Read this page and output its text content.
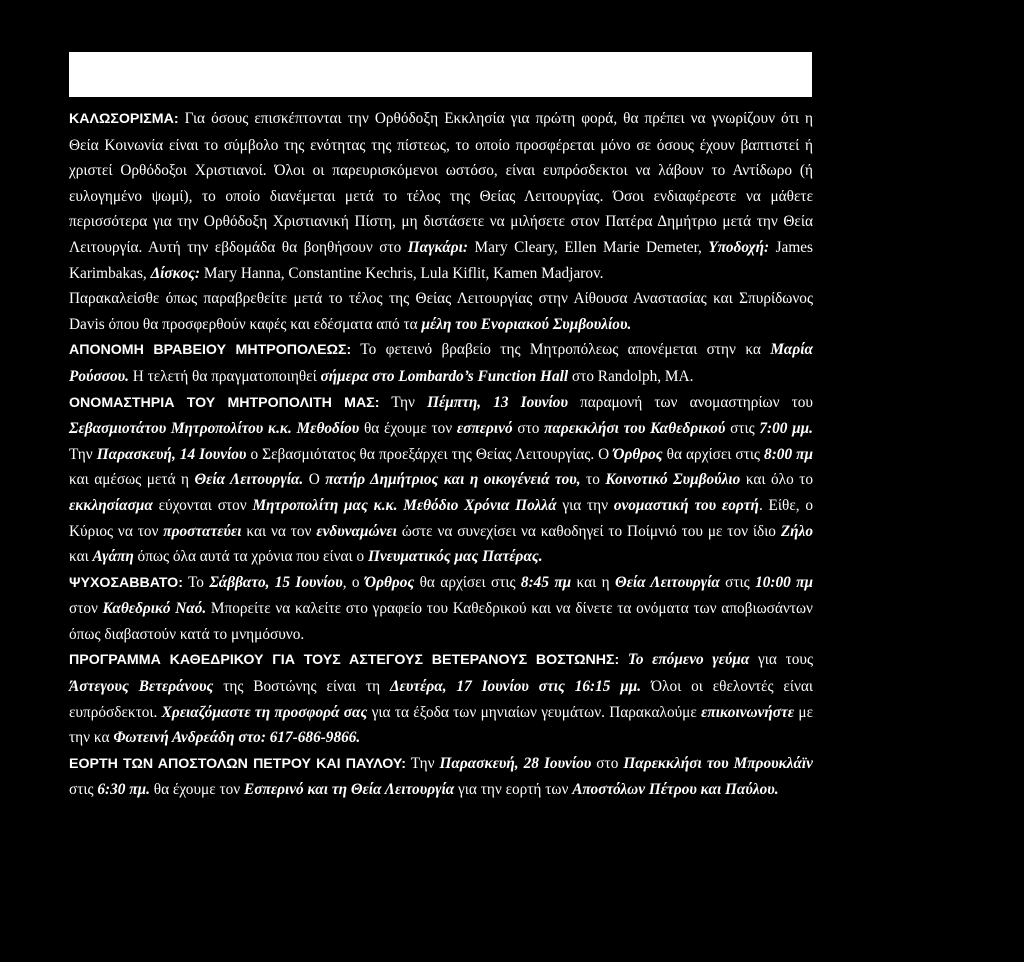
ΚΑΛΩΣΟΡΙΣΜΑ: Για όσους επισκέπτονται την Ορθόδοξη Εκκλησία για πρώτη φορά, θα πρέπει να γνωρίζουν ότι η Θεία Κοινωνία είναι το σύμβολο της ενότητας της πίστεως, το οποίο προσφέρεται μόνο σε όσους έχουν βαπτιστεί ή χριστεί Ορθόδοξοι Χριστιανοί. Όλοι οι παρευρισκόμενοι ωστόσο, είναι ευπρόσδεκτοι να λάβουν το Αντίδωρο (ή ευλογημένο ψωμί), το οποίο διανέμεται μετά το τέλος της Θείας Λειτουργίας. Όσοι ενδιαφέρεστε να μάθετε περισσότερα για την Ορθόδοξη Χριστιανική Πίστη, μη διστάσετε να μιλήσετε στον Πατέρα Δημήτριο μετά την Θεία Λειτουργία. Αυτή την εβδομάδα θα βοηθήσουν στο Παγκάρι: Mary Cleary, Ellen Marie Demeter, Υποδοχή: James Karimbakas, Δίσκος: Mary Hanna, Constantine Kechris, Lula Kiflit, Kamen Madjarov.

Παρακαλείσθε όπως παραβρεθείτε μετά το τέλος της Θείας Λειτουργίας στην Αίθουσα Αναστασίας και Σπυρίδωνος Davis όπου θα προσφερθούν καφές και εδέσματα από τα μέλη του Ενοριακού Συμβουλίου.

ΑΠΟΝΟΜΗ ΒΡΑΒΕΙΟΥ ΜΗΤΡΟΠΟΛΕΩΣ: Το φετεινό βραβείο της Μητροπόλεως απονέμεται στην κα Μαρία Ρούσσου. Η τελετή θα πραγματοποιηθεί σήμερα στο Lombardo’s Function Hall στο Randolph, MA.

ΟΝΟΜΑΣΤΗΡΙΑ ΤΟΥ ΜΗΤΡΟΠΟΛΙΤΗ ΜΑΣ: Την Πέμπτη, 13 Ιουνίου παραμονή των ανομαστηρίων του Σεβασμιοτάτου Μητροπολίτου κ.κ. Μεθοδίου θα έχουμε τον εσπερινό στο παρεκκλήσι του Καθεδρικού στις 7:00 μμ. Την Παρασκευή, 14 Ιουνίου ο Σεβασμιότατος θα προεξάρχει της Θείας Λειτουργίας. Ο Όρθρος θα αρχίσει στις 8:00 πμ και αμέσως μετά η Θεία Λειτουργία. Ο πατήρ Δημήτριος και η οικογένειά του, το Κοινοτικό Συμβούλιο και όλο το εκκλησίασμα εύχονται στον Μητροπολίτη μας κ.κ. Μεθόδιο Χρόνια Πολλά για την ονομαστική του εορτή. Είθε, ο Κύριος να τον προστατεύει και να τον ενδυναμώνει ώστε να συνεχίσει να καθοδηγεί το Ποίμνιό του με τον ίδιο Ζήλο και Αγάπη όπως όλα αυτά τα χρόνια που είναι ο Πνευματικός μας Πατέρας.

ΨΥΧΟΣΑΒΒΑΤΟ: Το Σάββατο, 15 Ιουνίου, ο Όρθρος θα αρχίσει στις 8:45 πμ και η Θεία Λειτουργία στις 10:00 πμ στον Καθεδρικό Ναό. Μπορείτε να καλείτε στο γραφείο του Καθεδρικού και να δίνετε τα ονόματα των αποβιωσάντων όπως διαβαστούν κατά το μνημόσυνο.

ΠΡΟΓΡΑΜΜΑ ΚΑΘΕΔΡΙΚΟΥ ΓΙΑ ΤΟΥΣ ΑΣΤΕΓΟΥΣ ΒΕΤΕΡΑΝΟΥΣ ΒΟΣΤΩΝΗΣ: Το επόμενο γεύμα για τους Άστεγους Βετεράνους της Βοστώνης είναι τη Δευτέρα, 17 Ιουνίου στις 16:15 μμ. Όλοι οι εθελοντές είναι ευπρόσδεκτοι. Χρειαζόμαστε τη προσφορά σας για τα έξοδα των μηνιαίων γευμάτων. Παρακαλούμε επικοινωνήστε με την κα Φωτεινή Ανδρεάδη στο: 617-686-9866.

ΕΟΡΤΗ ΤΩΝ ΑΠΟΣΤΟΛΩΝ ΠΕΤΡΟΥ ΚΑΙ ΠΑΥΛΟΥ: Την Παρασκευή, 28 Ιουνίου στο Παρεκκλήσι του Μπρουκλάϊν στις 6:30 πμ. θα έχουμε τον Εσπερινό και τη Θεία Λειτουργία για την εορτή των Αποστόλων Πέτρου και Παύλου.
